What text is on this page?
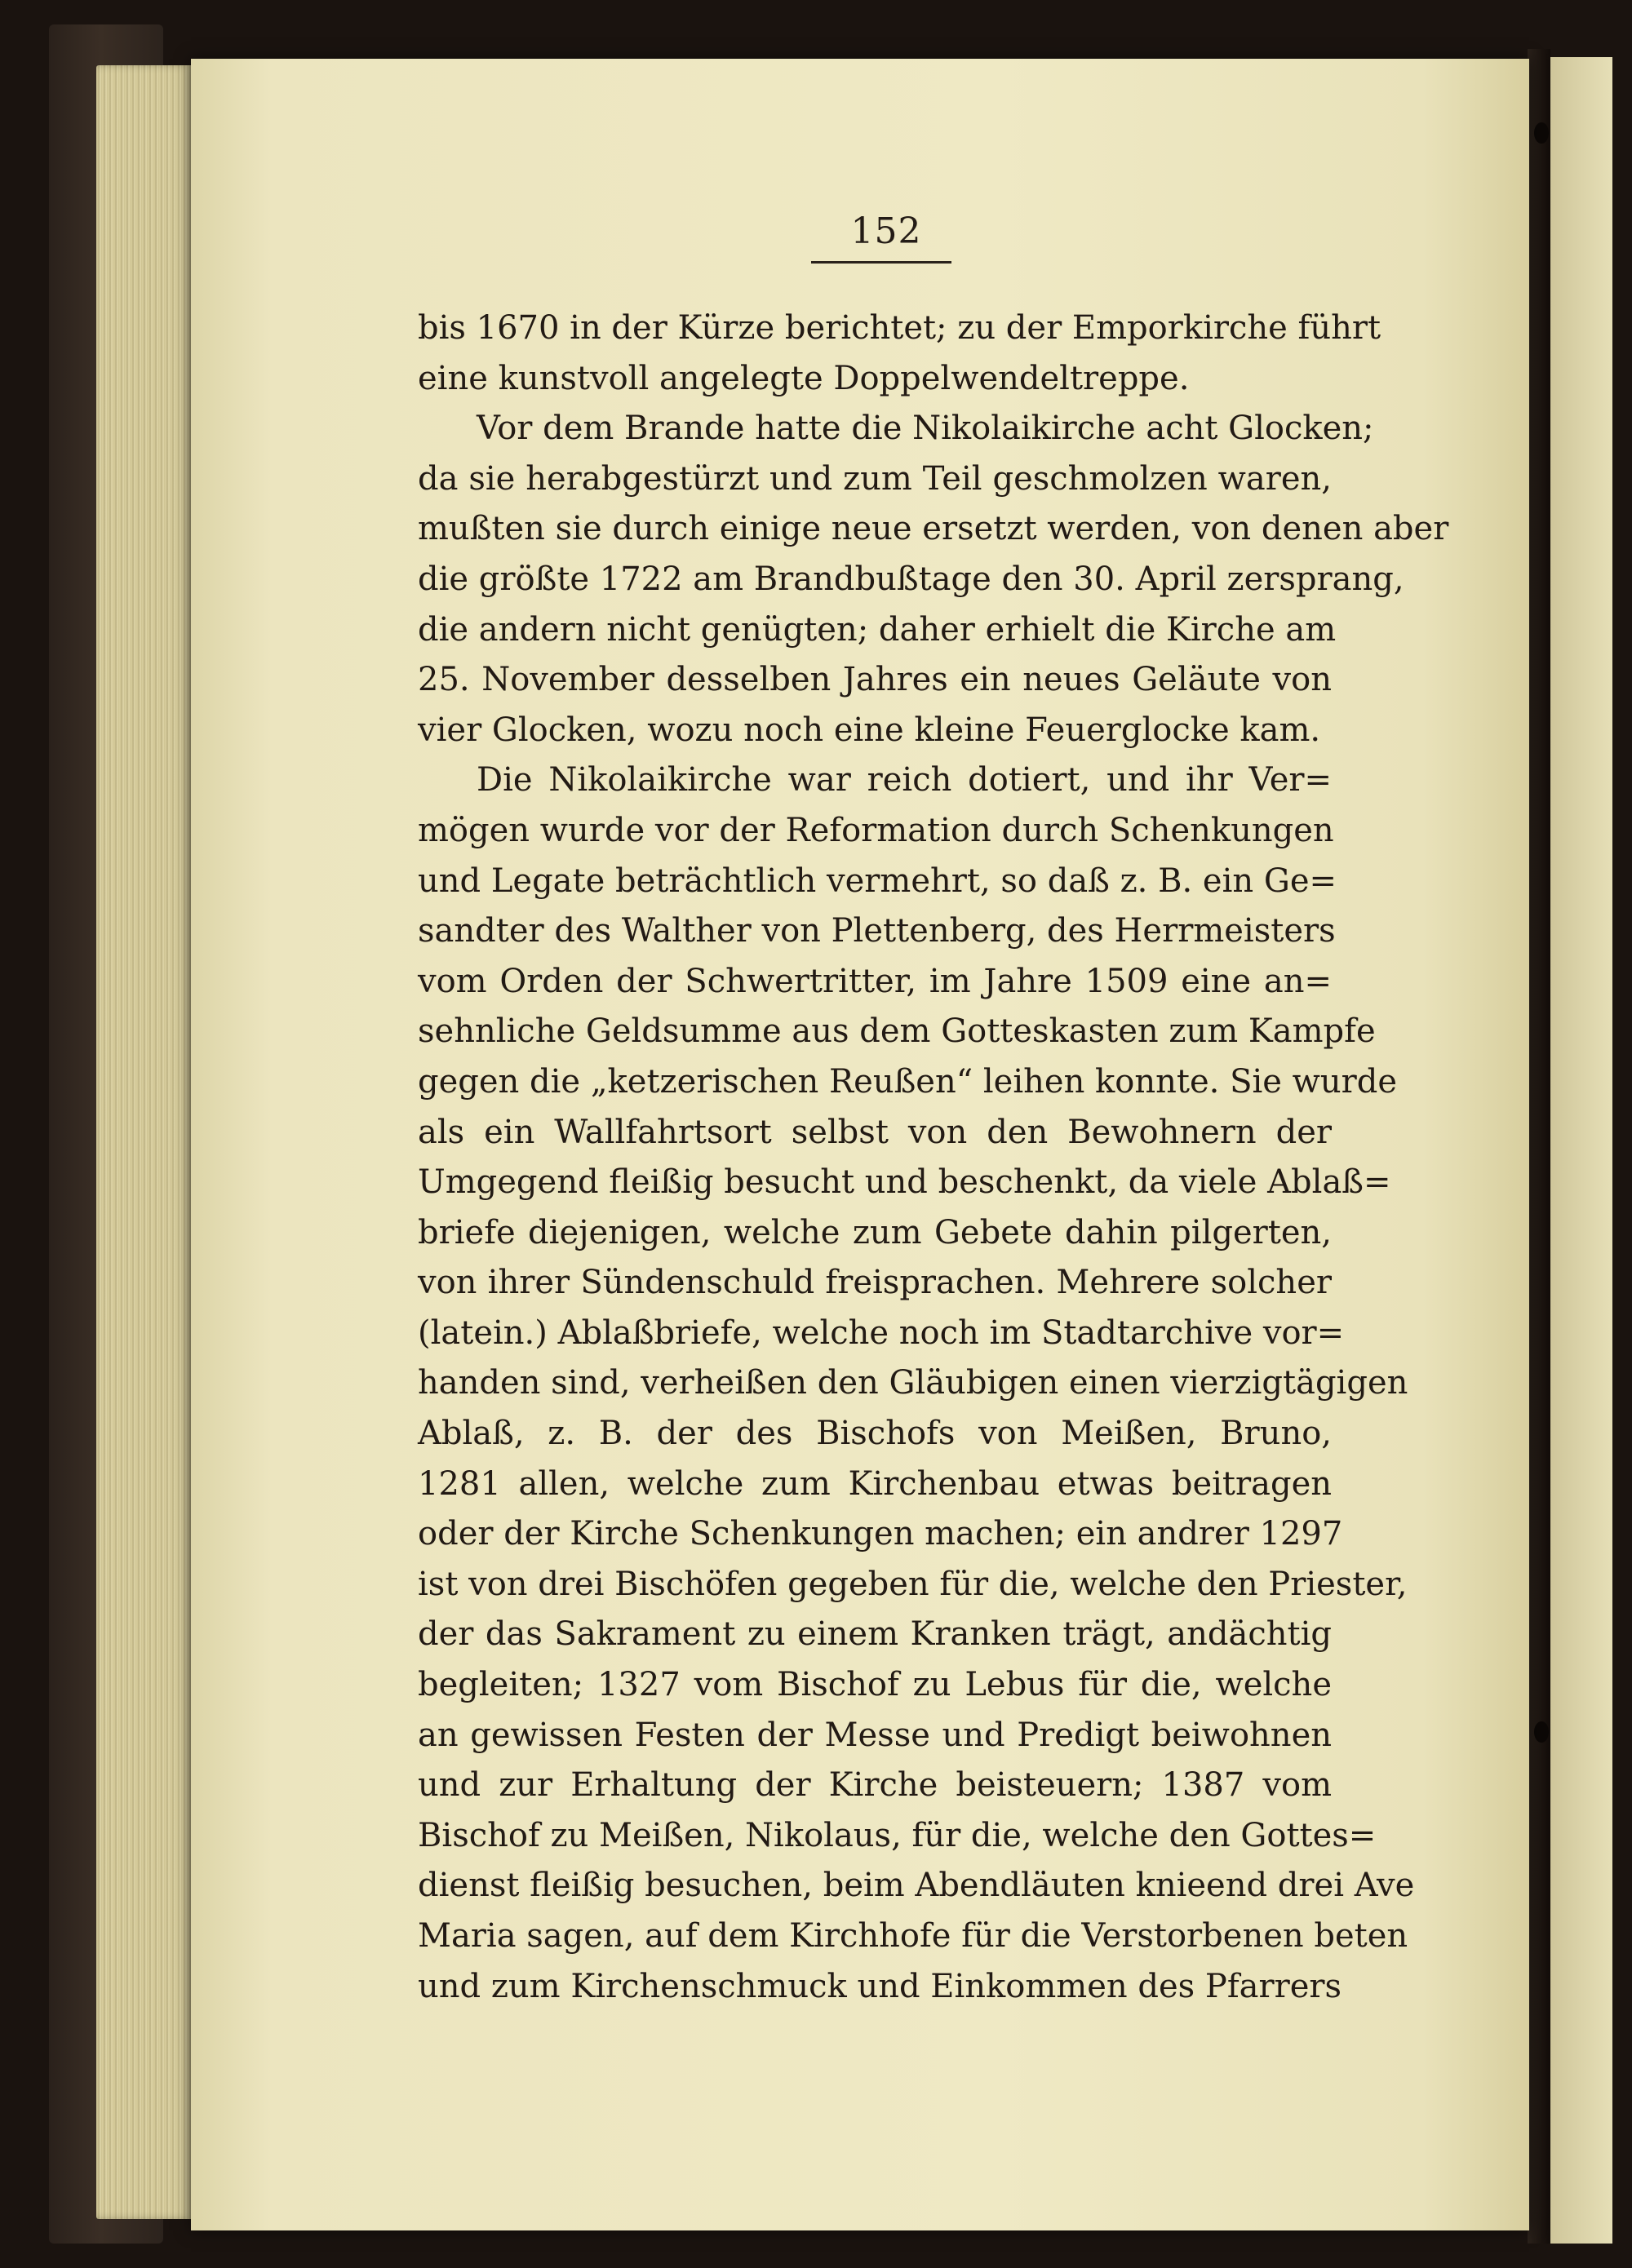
152
bis 1670 in der Kürze berichtet; zu der Emporkirche führt
eine kunstvoll angelegte Doppelwendeltreppe.
Vor dem Brande hatte die Nikolaikirche acht Glocken;
da sie herabgestürzt und zum Teil geschmolzen waren,
mußten sie durch einige neue ersetzt werden, von denen aber
die größte 1722 am Brandbußtage den 30. April zersprang,
die andern nicht genügten; daher erhielt die Kirche am
25. November desselben Jahres ein neues Geläute von
vier Glocken, wozu noch eine kleine Feuerglocke kam.
Die Nikolaikirche war reich dotiert, und ihr Ver=
mögen wurde vor der Reformation durch Schenkungen
und Legate beträchtlich vermehrt, so daß z. B. ein Ge=
sandter des Walther von Plettenberg, des Herrmeisters
vom Orden der Schwertritter, im Jahre 1509 eine an=
sehnliche Geldsumme aus dem Gotteskasten zum Kampfe
gegen die „ketzerischen Reußen“ leihen konnte. Sie wurde
als ein Wallfahrtsort selbst von den Bewohnern der
Umgegend fleißig besucht und beschenkt, da viele Ablaß=
briefe diejenigen, welche zum Gebete dahin pilgerten,
von ihrer Sündenschuld freisprachen. Mehrere solcher
(latein.) Ablaßbriefe, welche noch im Stadtarchive vor=
handen sind, verheißen den Gläubigen einen vierzigtägigen
Ablaß, z. B. der des Bischofs von Meißen, Bruno,
1281 allen, welche zum Kirchenbau etwas beitragen
oder der Kirche Schenkungen machen; ein andrer 1297
ist von drei Bischöfen gegeben für die, welche den Priester,
der das Sakrament zu einem Kranken trägt, andächtig
begleiten; 1327 vom Bischof zu Lebus für die, welche
an gewissen Festen der Messe und Predigt beiwohnen
und zur Erhaltung der Kirche beisteuern; 1387 vom
Bischof zu Meißen, Nikolaus, für die, welche den Gottes=
dienst fleißig besuchen, beim Abendläuten knieend drei Ave
Maria sagen, auf dem Kirchhofe für die Verstorbenen beten
und zum Kirchenschmuck und Einkommen des Pfarrers
